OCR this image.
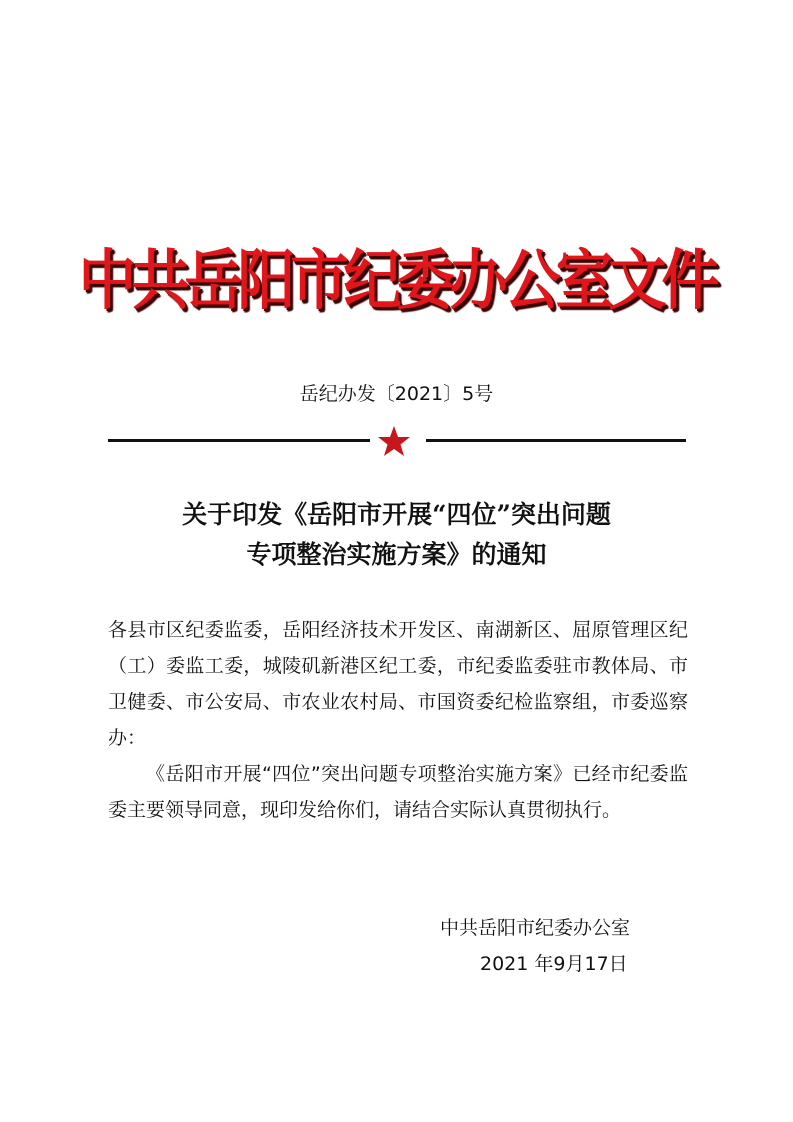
中共岳阳市纪委办公室文件
岳纪办发〔2021〕5号
关于印发《岳阳市开展“四位”突出问题
专项整治实施方案》的通知

各县市区纪委监委，岳阳经济技术开发区、南湖新区、屈原管理区纪（工）委监工委，城陵矶新港区纪工委，市纪委监委驻市教体局、市卫健委、市公安局、市农业农村局、市国资委纪检监察组，市委巡察办：

《岳阳市开展“四位”突出问题专项整治实施方案》已经市纪委监委主要领导同意，现印发给你们，请结合实际认真贯彻执行。

中共岳阳市纪委办公室
2021 年9月17日
